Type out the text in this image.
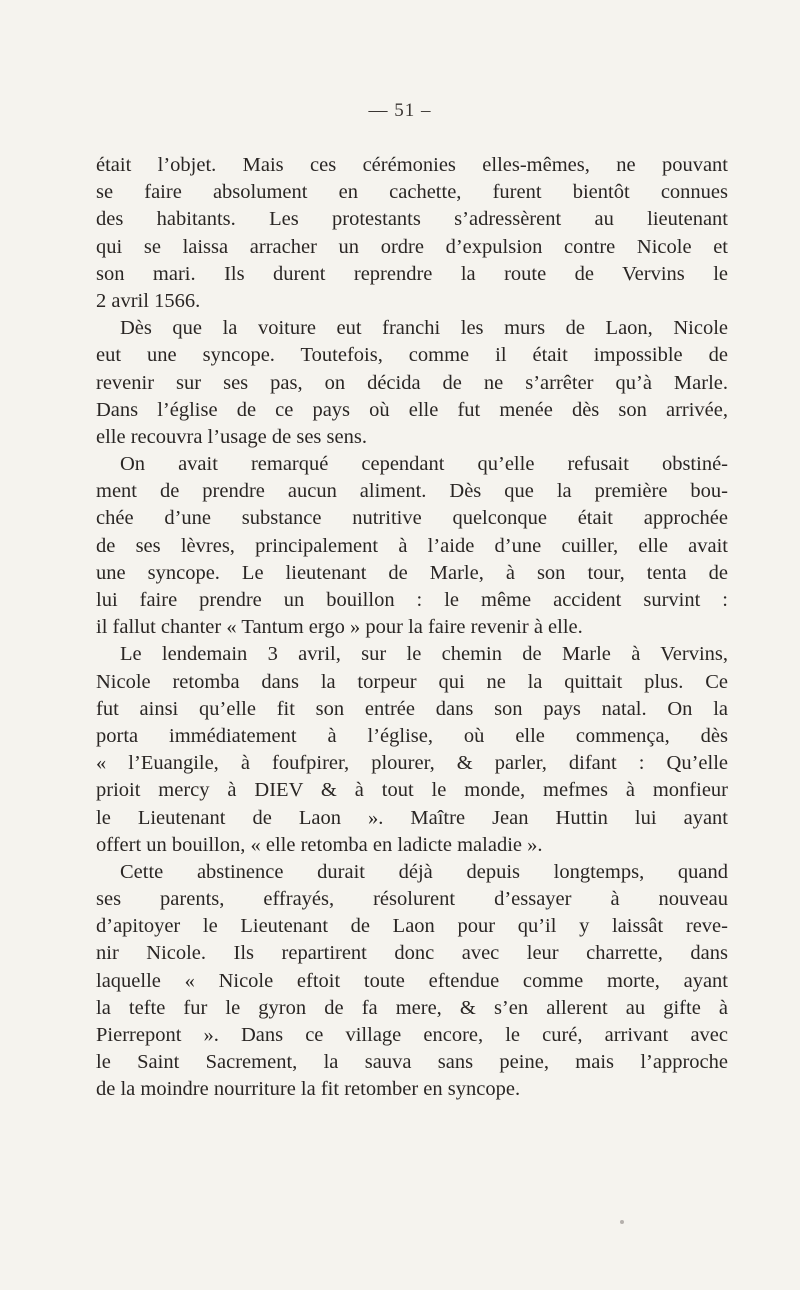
— 51 –
était l’objet. Mais ces cérémonies elles-mêmes, ne pouvant
se faire absolument en cachette, furent bientôt connues
des habitants. Les protestants s’adressèrent au lieutenant
qui se laissa arracher un ordre d’expulsion contre Nicole et
son mari. Ils durent reprendre la route de Vervins le
2 avril 1566.
Dès que la voiture eut franchi les murs de Laon, Nicole
eut une syncope. Toutefois, comme il était impossible de
revenir sur ses pas, on décida de ne s’arrêter qu’à Marle.
Dans l’église de ce pays où elle fut menée dès son arrivée,
elle recouvra l’usage de ses sens.
On avait remarqué cependant qu’elle refusait obstiné-
ment de prendre aucun aliment. Dès que la première bou-
chée d’une substance nutritive quelconque était approchée
de ses lèvres, principalement à l’aide d’une cuiller, elle avait
une syncope. Le lieutenant de Marle, à son tour, tenta de
lui faire prendre un bouillon : le même accident survint :
il fallut chanter « Tantum ergo » pour la faire revenir à elle.
Le lendemain 3 avril, sur le chemin de Marle à Vervins,
Nicole retomba dans la torpeur qui ne la quittait plus. Ce
fut ainsi qu’elle fit son entrée dans son pays natal. On la
porta immédiatement à l’église, où elle commença, dès
« l’Euangile, à foufpirer, plourer, & parler, difant : Qu’elle
prioit mercy à DIEV & à tout le monde, mefmes à monfieur
le Lieutenant de Laon ». Maître Jean Huttin lui ayant
offert un bouillon, « elle retomba en ladicte maladie ».
Cette abstinence durait déjà depuis longtemps, quand
ses parents, effrayés, résolurent d’essayer à nouveau
d’apitoyer le Lieutenant de Laon pour qu’il y laissât reve-
nir Nicole. Ils repartirent donc avec leur charrette, dans
laquelle « Nicole eftoit toute eftendue comme morte, ayant
la tefte fur le gyron de fa mere, & s’en allerent au gifte à
Pierrepont ». Dans ce village encore, le curé, arrivant avec
le Saint Sacrement, la sauva sans peine, mais l’approche
de la moindre nourriture la fit retomber en syncope.
